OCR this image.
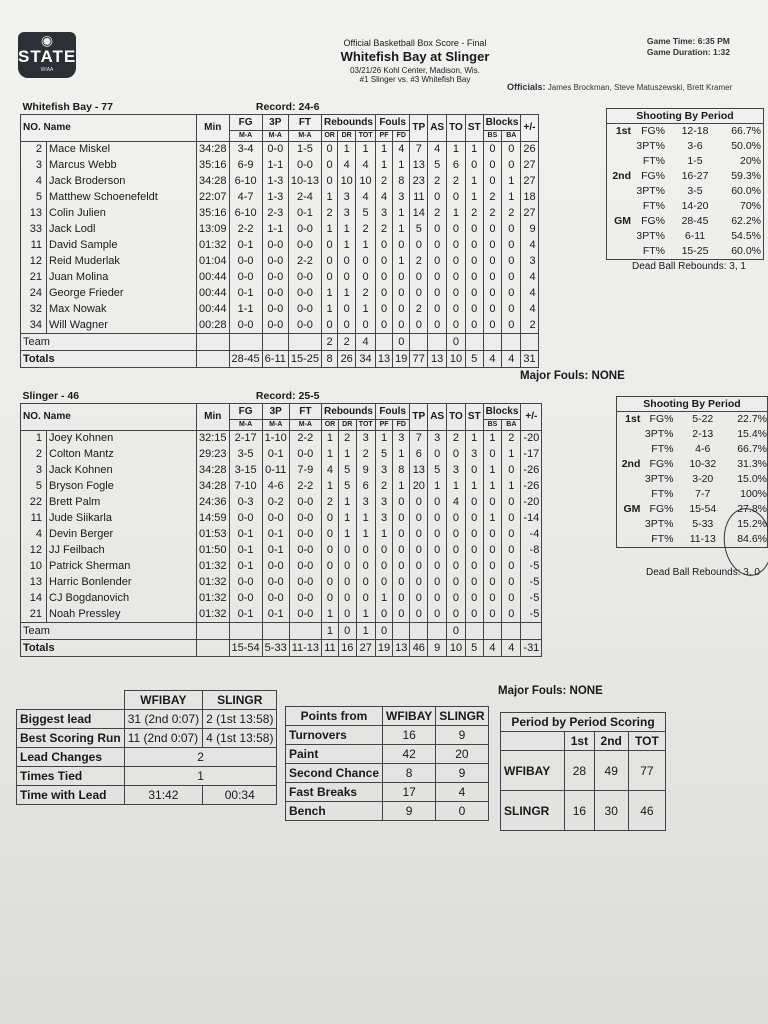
◉
STATE
WIAA
Official Basketball Box Score - Final
Whitefish Bay at Slinger
03/21/26 Kohl Center, Madison, Wis.
#1 Slinger vs. #3 Whitefish Bay
Game Time: 6:35 PM
Game Duration: 1:32
Officials: James Brockman, Steve Matuszewski, Brett Kramer
Whitefish Bay - 77		Record: 24-6															
NO. Name		Min	FG	3P	FT	Rebounds			Fouls		TP	AS	TO	ST	Blocks		+/-
			M-A	M-A	M-A	OR	DR	TOT	PF	FD					BS	BA	
2	Mace Miskel	34:28	3-4	0-0	1-5	0	1	1	1	4	7	4	1	1	0	0	26
3	Marcus Webb	35:16	6-9	1-1	0-0	0	4	4	1	1	13	5	6	0	0	0	27
4	Jack Broderson	34:28	6-10	1-3	10-13	0	10	10	2	8	23	2	2	1	0	1	27
5	Matthew Schoenefeldt	22:07	4-7	1-3	2-4	1	3	4	4	3	11	0	0	1	2	1	18
13	Colin Julien	35:16	6-10	2-3	0-1	2	3	5	3	1	14	2	1	2	2	2	27
33	Jack Lodl	13:09	2-2	1-1	0-0	1	1	2	2	1	5	0	0	0	0	0	9
11	David Sample	01:32	0-1	0-0	0-0	0	1	1	0	0	0	0	0	0	0	0	4
12	Reid Muderlak	01:04	0-0	0-0	2-2	0	0	0	0	1	2	0	0	0	0	0	3
21	Juan Molina	00:44	0-0	0-0	0-0	0	0	0	0	0	0	0	0	0	0	0	4
24	George Frieder	00:44	0-1	0-0	0-0	1	1	2	0	0	0	0	0	0	0	0	4
32	Max Nowak	00:44	1-1	0-0	0-0	1	0	1	0	0	2	0	0	0	0	0	4
34	Will Wagner	00:28	0-0	0-0	0-0	0	0	0	0	0	0	0	0	0	0	0	2
Team						2	2	4		0			0				
Totals			28-45	6-11	15-25	8	26	34	13	19	77	13	10	5	4	4	31
Slinger - 46		Record: 25-5															
NO. Name		Min	FG	3P	FT	Rebounds			Fouls		TP	AS	TO	ST	Blocks		+/-
			M-A	M-A	M-A	OR	DR	TOT	PF	FD					BS	BA	
1	Joey Kohnen	32:15	2-17	1-10	2-2	1	2	3	1	3	7	3	2	1	1	2	-20
2	Colton Mantz	29:23	3-5	0-1	0-0	1	1	2	5	1	6	0	0	3	0	1	-17
3	Jack Kohnen	34:28	3-15	0-11	7-9	4	5	9	3	8	13	5	3	0	1	0	-26
5	Bryson Fogle	34:28	7-10	4-6	2-2	1	5	6	2	1	20	1	1	1	1	1	-26
22	Brett Palm	24:36	0-3	0-2	0-0	2	1	3	3	0	0	0	4	0	0	0	-20
11	Jude Siikarla	14:59	0-0	0-0	0-0	0	1	1	3	0	0	0	0	0	1	0	-14
4	Devin Berger	01:53	0-1	0-1	0-0	0	1	1	1	0	0	0	0	0	0	0	-4
12	JJ Feilbach	01:50	0-1	0-1	0-0	0	0	0	0	0	0	0	0	0	0	0	-8
10	Patrick Sherman	01:32	0-1	0-0	0-0	0	0	0	0	0	0	0	0	0	0	0	-5
13	Harric Bonlender	01:32	0-0	0-0	0-0	0	0	0	0	0	0	0	0	0	0	0	-5
14	CJ Bogdanovich	01:32	0-0	0-0	0-0	0	0	0	1	0	0	0	0	0	0	0	-5
21	Noah Pressley	01:32	0-1	0-1	0-0	1	0	1	0	0	0	0	0	0	0	0	-5
Team						1	0	1	0				0				
Totals			15-54	5-33	11-13	11	16	27	19	13	46	9	10	5	4	4	-31
Shooting By Period
1st FG%	12-18	66.7%
3PT%	3-6	50.0%
FT%	1-5	20%
2nd FG%	16-27	59.3%
3PT%	3-5	60.0%
FT%	14-20	70%
GM FG%	28-45	62.2%
3PT%	6-11	54.5%
FT%	15-25	60.0%
Dead Ball Rebounds: 3, 1
Major Fouls: NONE
Shooting By Period
1st FG%	5-22	22.7%
3PT%	2-13	15.4%
FT%	4-6	66.7%
2nd FG%	10-32	31.3%
3PT%	3-20	15.0%
FT%	7-7	100%
GM FG%	15-54	27.8%
3PT%	5-33	15.2%
FT%	11-13	84.6%
Dead Ball Rebounds: 3, 0
Major Fouls: NONE
	WFIBAY	SLINGR
Biggest lead	31 (2nd 0:07)	2 (1st 13:58)
Best Scoring Run	11 (2nd 0:07)	4 (1st 13:58)
Lead Changes	2	
Times Tied	1	
Time with Lead	31:42	00:34
Points from	WFIBAY	SLINGR
Turnovers	16	9
Paint	42	20
Second Chance	8	9
Fast Breaks	17	4
Bench	9	0
Period by Period Scoring			
	1st	2nd	TOT
WFIBAY	28	49	77
SLINGR	16	30	46
